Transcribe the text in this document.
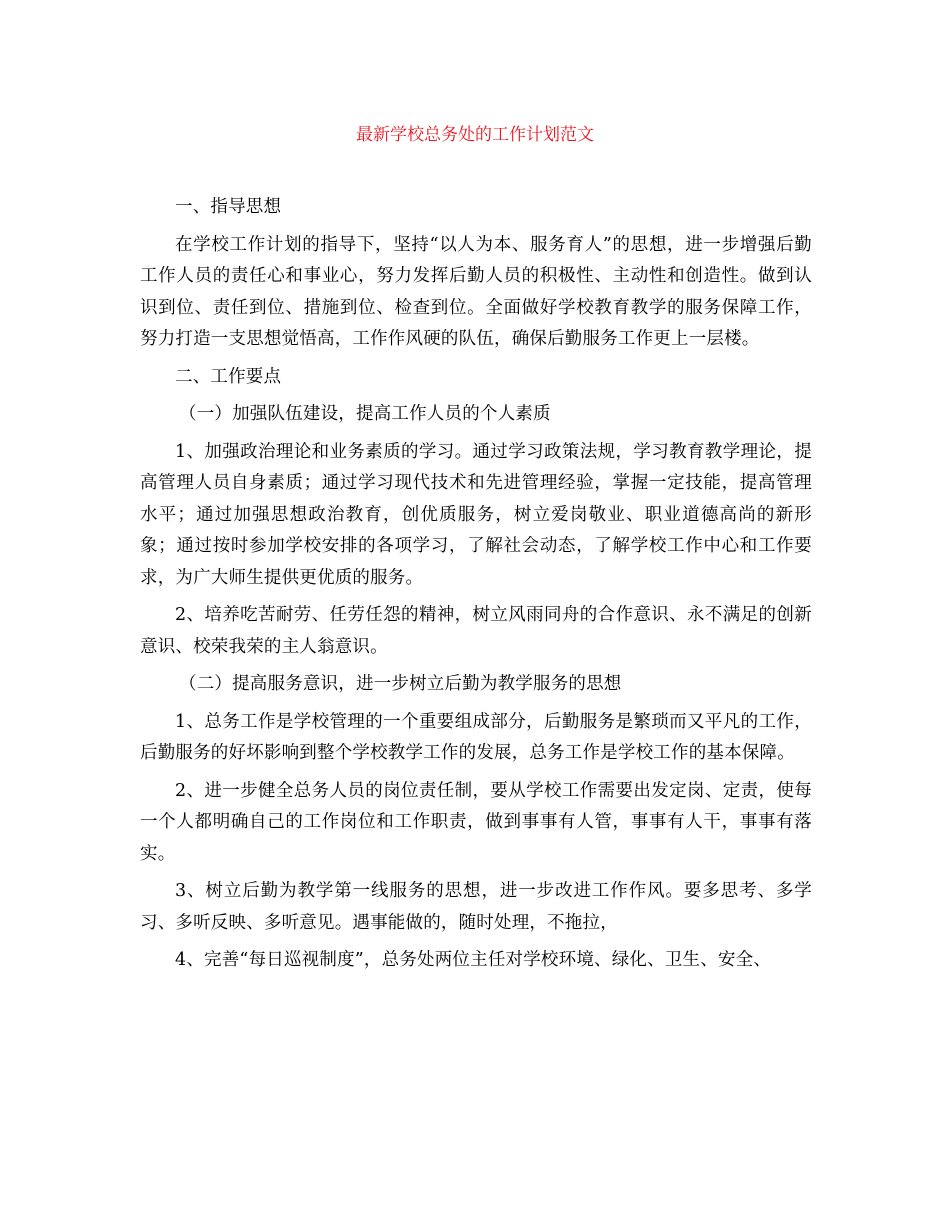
最新学校总务处的工作计划范文

一、指导思想

在学校工作计划的指导下，坚持“以人为本、服务育人”的思想，进一步增强后勤工作人员的责任心和事业心，努力发挥后勤人员的积极性、主动性和创造性。做到认识到位、责任到位、措施到位、检查到位。全面做好学校教育教学的服务保障工作，努力打造一支思想觉悟高，工作作风硬的队伍，确保后勤服务工作更上一层楼。

二、工作要点

（一）加强队伍建设，提高工作人员的个人素质

1、加强政治理论和业务素质的学习。通过学习政策法规，学习教育教学理论，提高管理人员自身素质；通过学习现代技术和先进管理经验，掌握一定技能，提高管理水平；通过加强思想政治教育，创优质服务，树立爱岗敬业、职业道德高尚的新形象；通过按时参加学校安排的各项学习，了解社会动态，了解学校工作中心和工作要求，为广大师生提供更优质的服务。

2、培养吃苦耐劳、任劳任怨的精神，树立风雨同舟的合作意识、永不满足的创新意识、校荣我荣的主人翁意识。

（二）提高服务意识，进一步树立后勤为教学服务的思想

1、总务工作是学校管理的一个重要组成部分，后勤服务是繁琐而又平凡的工作，后勤服务的好坏影响到整个学校教学工作的发展，总务工作是学校工作的基本保障。

2、进一步健全总务人员的岗位责任制，要从学校工作需要出发定岗、定责，使每一个人都明确自己的工作岗位和工作职责，做到事事有人管，事事有人干，事事有落实。

3、树立后勤为教学第一线服务的思想，进一步改进工作作风。要多思考、多学习、多听反映、多听意见。遇事能做的，随时处理，不拖拉，

4、完善“每日巡视制度”，总务处两位主任对学校环境、绿化、卫生、安全、
